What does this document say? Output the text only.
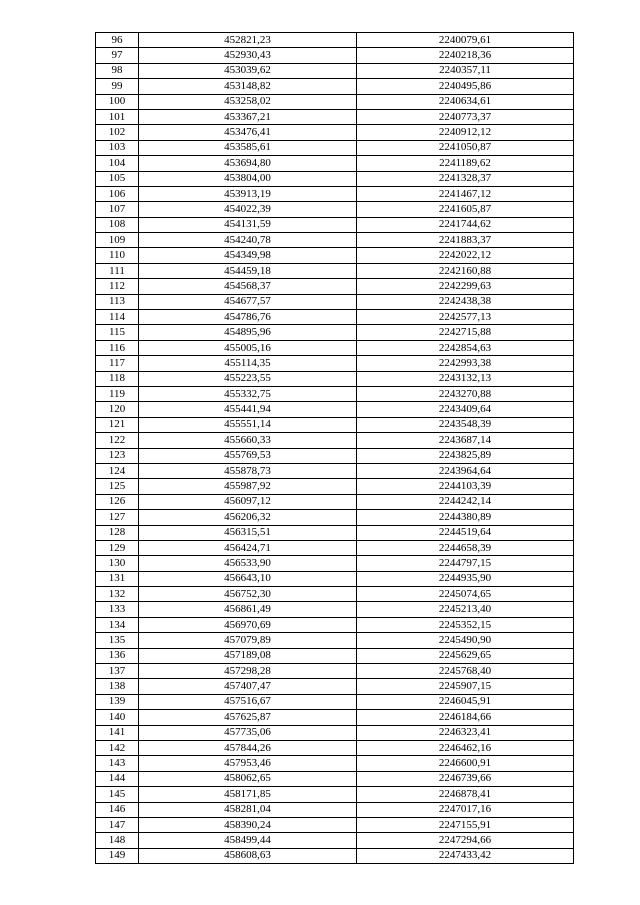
96	452821,23	2240079,61
97	452930,43	2240218,36
98	453039,62	2240357,11
99	453148,82	2240495,86
100	453258,02	2240634,61
101	453367,21	2240773,37
102	453476,41	2240912,12
103	453585,61	2241050,87
104	453694,80	2241189,62
105	453804,00	2241328,37
106	453913,19	2241467,12
107	454022,39	2241605,87
108	454131,59	2241744,62
109	454240,78	2241883,37
110	454349,98	2242022,12
111	454459,18	2242160,88
112	454568,37	2242299,63
113	454677,57	2242438,38
114	454786,76	2242577,13
115	454895,96	2242715,88
116	455005,16	2242854,63
117	455114,35	2242993,38
118	455223,55	2243132,13
119	455332,75	2243270,88
120	455441,94	2243409,64
121	455551,14	2243548,39
122	455660,33	2243687,14
123	455769,53	2243825,89
124	455878,73	2243964,64
125	455987,92	2244103,39
126	456097,12	2244242,14
127	456206,32	2244380,89
128	456315,51	2244519,64
129	456424,71	2244658,39
130	456533,90	2244797,15
131	456643,10	2244935,90
132	456752,30	2245074,65
133	456861,49	2245213,40
134	456970,69	2245352,15
135	457079,89	2245490,90
136	457189,08	2245629,65
137	457298,28	2245768,40
138	457407,47	2245907,15
139	457516,67	2246045,91
140	457625,87	2246184,66
141	457735,06	2246323,41
142	457844,26	2246462,16
143	457953,46	2246600,91
144	458062,65	2246739,66
145	458171,85	2246878,41
146	458281,04	2247017,16
147	458390,24	2247155,91
148	458499,44	2247294,66
149	458608,63	2247433,42
